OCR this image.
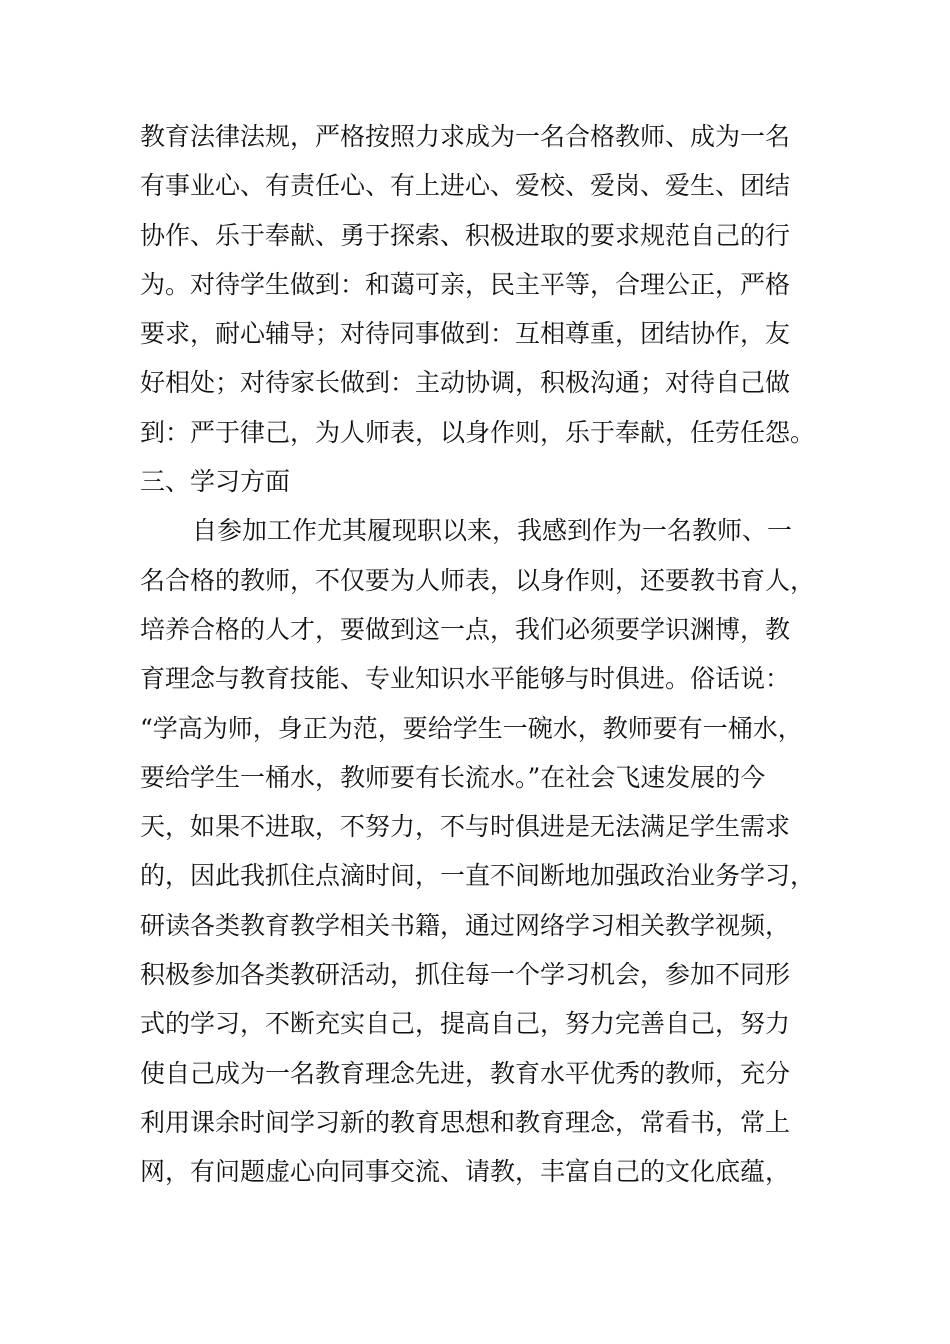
教育法律法规，严格按照力求成为一名合格教师、成为一名
有事业心、有责任心、有上进心、爱校、爱岗、爱生、团结
协作、乐于奉献、勇于探索、积极进取的要求规范自己的行
为。对待学生做到：和蔼可亲，民主平等，合理公正，严格
要求，耐心辅导；对待同事做到：互相尊重，团结协作，友
好相处；对待家长做到：主动协调，积极沟通；对待自己做
到：严于律己，为人师表，以身作则，乐于奉献，任劳任怨。
三、学习方面
自参加工作尤其履现职以来，我感到作为一名教师、一
名合格的教师，不仅要为人师表，以身作则，还要教书育人，
培养合格的人才，要做到这一点，我们必须要学识渊博，教
育理念与教育技能、专业知识水平能够与时俱进。俗话说：
“学高为师，身正为范，要给学生一碗水，教师要有一桶水，
要给学生一桶水，教师要有长流水。”在社会飞速发展的今
天，如果不进取，不努力，不与时俱进是无法满足学生需求
的，因此我抓住点滴时间，一直不间断地加强政治业务学习，
研读各类教育教学相关书籍，通过网络学习相关教学视频，
积极参加各类教研活动，抓住每一个学习机会，参加不同形
式的学习，不断充实自己，提高自己，努力完善自己，努力
使自己成为一名教育理念先进，教育水平优秀的教师，充分
利用课余时间学习新的教育思想和教育理念，常看书，常上
网，有问题虚心向同事交流、请教，丰富自己的文化底蕴，
